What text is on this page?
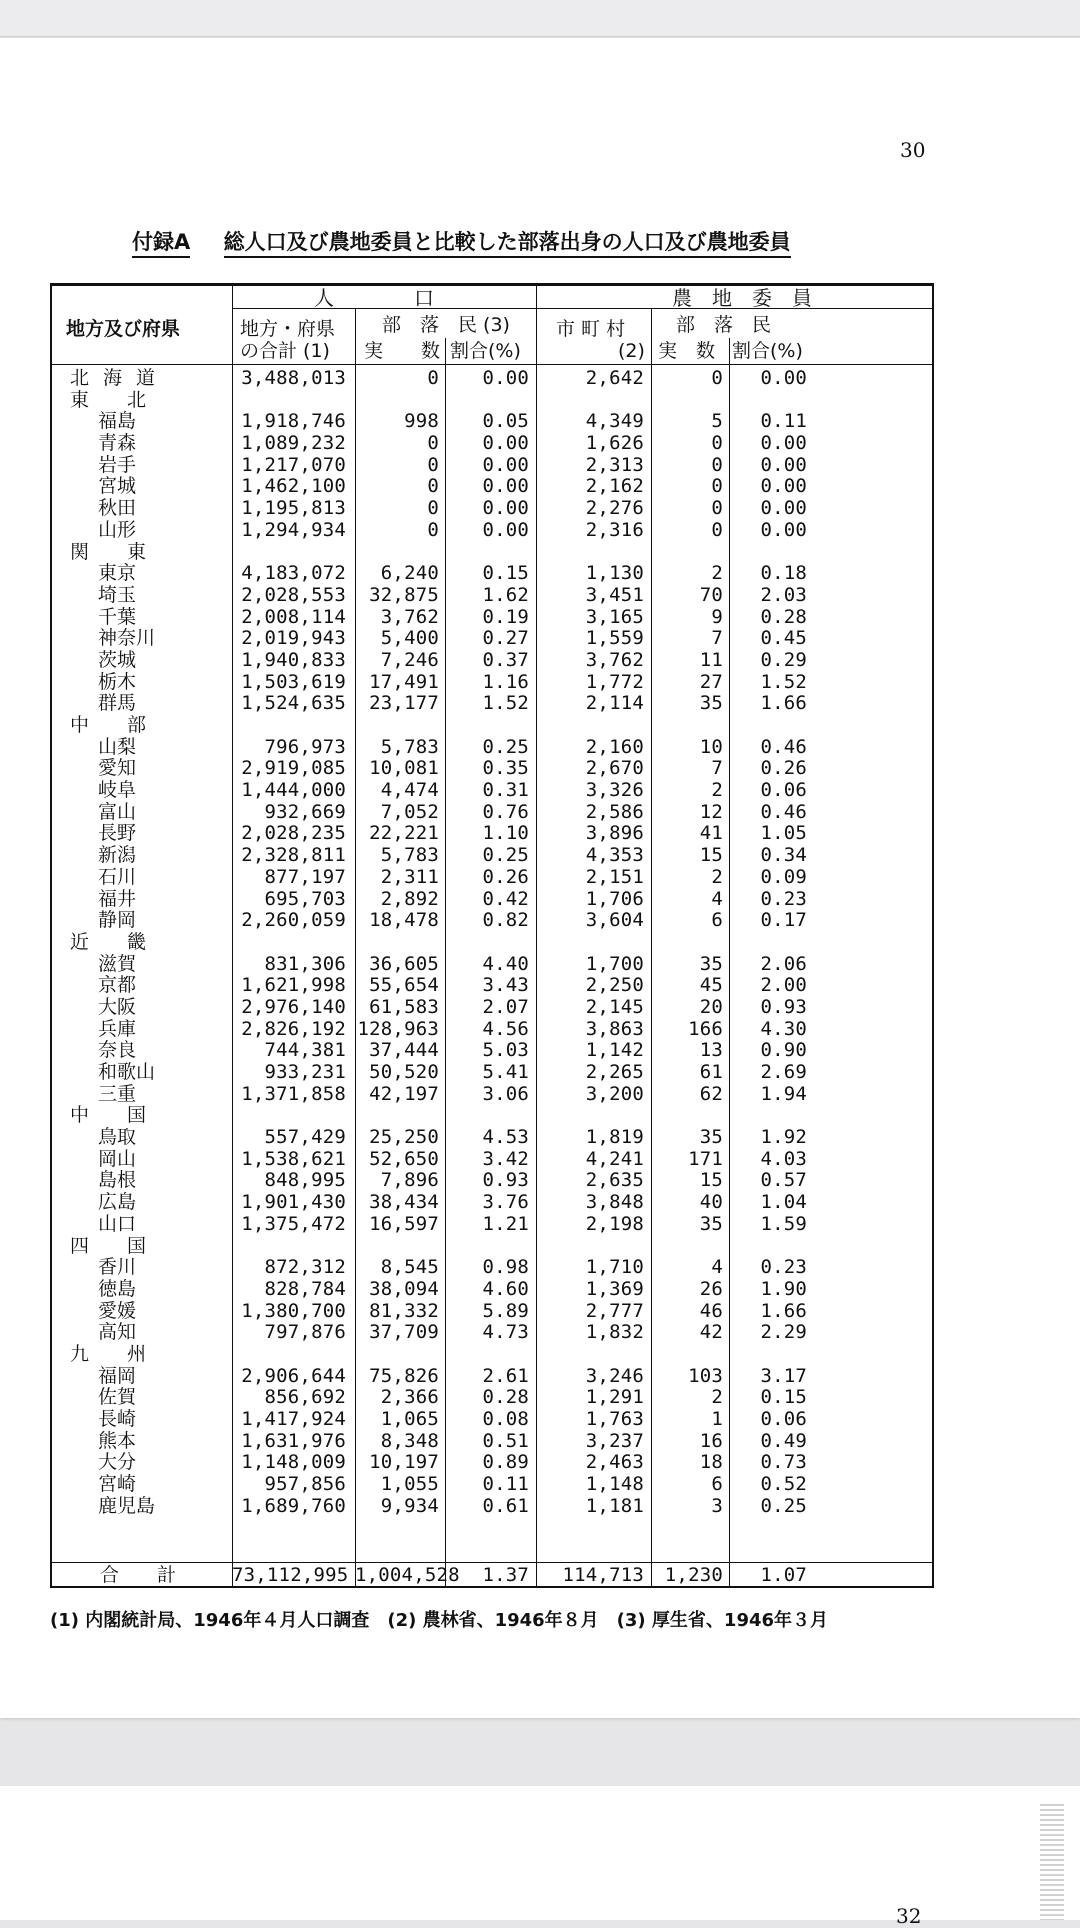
30
付録A 総人口及び農地委員と比較した部落出身の人口及び農地委員
地方及び府県
人　　　　口	農　地　委　員
地方・府県
の合計 (1)
部　落　民 (3)
実　　数 割合(%)
市 町 村
(2)
部　落　民
実　数 割合(%)
北海道	3,488,013	0	0.00	2,642	0	0.00
東北
福島	1,918,746	998	0.05	4,349	5	0.11
青森	1,089,232	0	0.00	1,626	0	0.00
岩手	1,217,070	0	0.00	2,313	0	0.00
宮城	1,462,100	0	0.00	2,162	0	0.00
秋田	1,195,813	0	0.00	2,276	0	0.00
山形	1,294,934	0	0.00	2,316	0	0.00
関東
東京	4,183,072	6,240	0.15	1,130	2	0.18
埼玉	2,028,553	32,875	1.62	3,451	70	2.03
千葉	2,008,114	3,762	0.19	3,165	9	0.28
神奈川	2,019,943	5,400	0.27	1,559	7	0.45
茨城	1,940,833	7,246	0.37	3,762	11	0.29
栃木	1,503,619	17,491	1.16	1,772	27	1.52
群馬	1,524,635	23,177	1.52	2,114	35	1.66
中部
山梨	796,973	5,783	0.25	2,160	10	0.46
愛知	2,919,085	10,081	0.35	2,670	7	0.26
岐阜	1,444,000	4,474	0.31	3,326	2	0.06
富山	932,669	7,052	0.76	2,586	12	0.46
長野	2,028,235	22,221	1.10	3,896	41	1.05
新潟	2,328,811	5,783	0.25	4,353	15	0.34
石川	877,197	2,311	0.26	2,151	2	0.09
福井	695,703	2,892	0.42	1,706	4	0.23
静岡	2,260,059	18,478	0.82	3,604	6	0.17
近畿
滋賀	831,306	36,605	4.40	1,700	35	2.06
京都	1,621,998	55,654	3.43	2,250	45	2.00
大阪	2,976,140	61,583	2.07	2,145	20	0.93
兵庫	2,826,192 128,963	4.56	3,863	166	4.30
奈良	744,381	37,444	5.03	1,142	13	0.90
和歌山	933,231	50,520	5.41	2,265	61	2.69
三重	1,371,858	42,197	3.06	3,200	62	1.94
中国
鳥取	557,429	25,250	4.53	1,819	35	1.92
岡山	1,538,621	52,650	3.42	4,241	171	4.03
島根	848,995	7,896	0.93	2,635	15	0.57
広島	1,901,430	38,434	3.76	3,848	40	1.04
山口	1,375,472	16,597	1.21	2,198	35	1.59
四国
香川	872,312	8,545	0.98	1,710	4	0.23
徳島	828,784	38,094	4.60	1,369	26	1.90
愛媛	1,380,700	81,332	5.89	2,777	46	1.66
高知	797,876	37,709	4.73	1,832	42	2.29
九州
福岡	2,906,644	75,826	2.61	3,246	103	3.17
佐賀	856,692	2,366	0.28	1,291	2	0.15
長崎	1,417,924	1,065	0.08	1,763	1	0.06
熊本	1,631,976	8,348	0.51	3,237	16	0.49
大分	1,148,009	10,197	0.89	2,463	18	0.73
宮崎	957,856	1,055	0.11	1,148	6	0.52
鹿児島	1,689,760	9,934	0.61	1,181	3	0.25
合　　計	73,112,995 1,004,528	1.37	114,713	1,230	1.07
(1) 内閣統計局、1946年４月人口調査　(2) 農林省、1946年８月　(3) 厚生省、1946年３月
32
